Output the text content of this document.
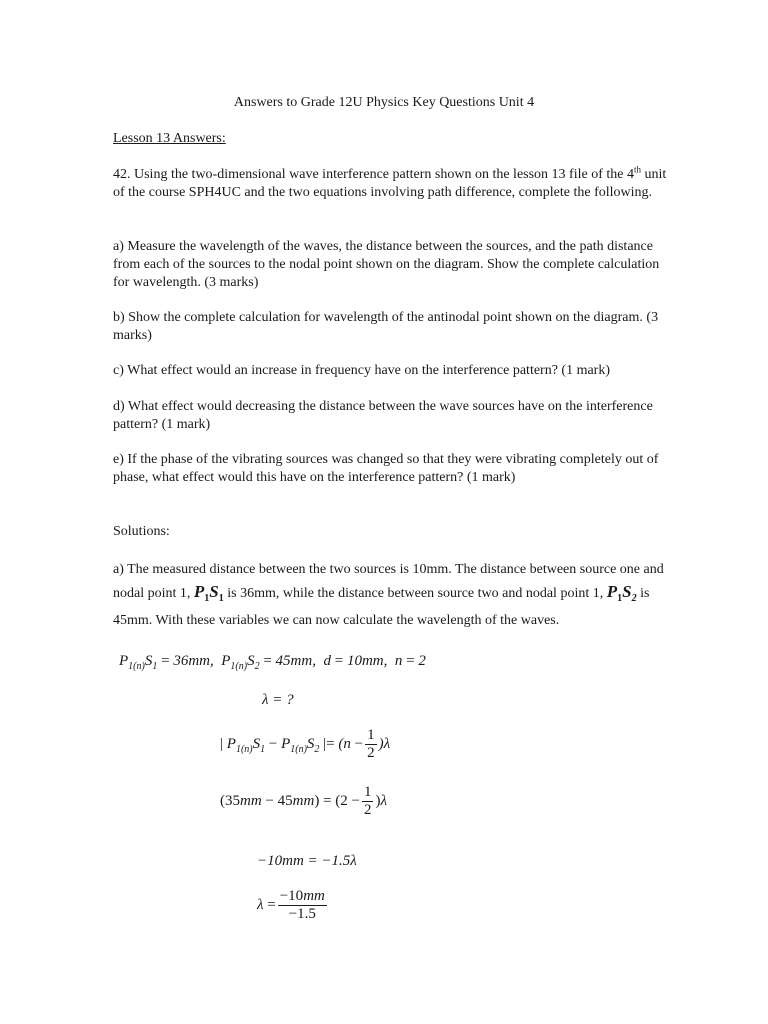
Answers to Grade 12U Physics Key Questions Unit 4
Lesson 13 Answers:
42. Using the two-dimensional wave interference pattern shown on the lesson 13 file of the 4th unit of the course SPH4UC and the two equations involving path difference, complete the following.
a) Measure the wavelength of the waves, the distance between the sources, and the path distance from each of the sources to the nodal point shown on the diagram. Show the complete calculation for wavelength. (3 marks)
b) Show the complete calculation for wavelength of the antinodal point shown on the diagram. (3 marks)
c) What effect would an increase in frequency have on the interference pattern? (1 mark)
d) What effect would decreasing the distance between the wave sources have on the interference pattern? (1 mark)
e) If the phase of the vibrating sources was changed so that they were vibrating completely out of phase, what effect would this have on the interference pattern? (1 mark)
Solutions:
a) The measured distance between the two sources is 10mm. The distance between source one and nodal point 1, $P_1S_1$ is 36mm, while the distance between source two and nodal point 1, $P_1S_2$ is 45mm. With these variables we can now calculate the wavelength of the waves.
$P_{1(n)}S_1 = 36mm$,  $P_{1(n)}S_2 = 45mm$,  d = 10mm,  n = 2
λ = ?
| $P_{1(n)}S_1 - P_{1(n)}S_2$ |= $(n - \frac{1}{2} )\lambda$
$(35mm - 45mm) = (2 - \frac{1}{2} )\lambda$
−10mm = −1.5λ
$\lambda = \frac{-10mm}{-1.5}$
